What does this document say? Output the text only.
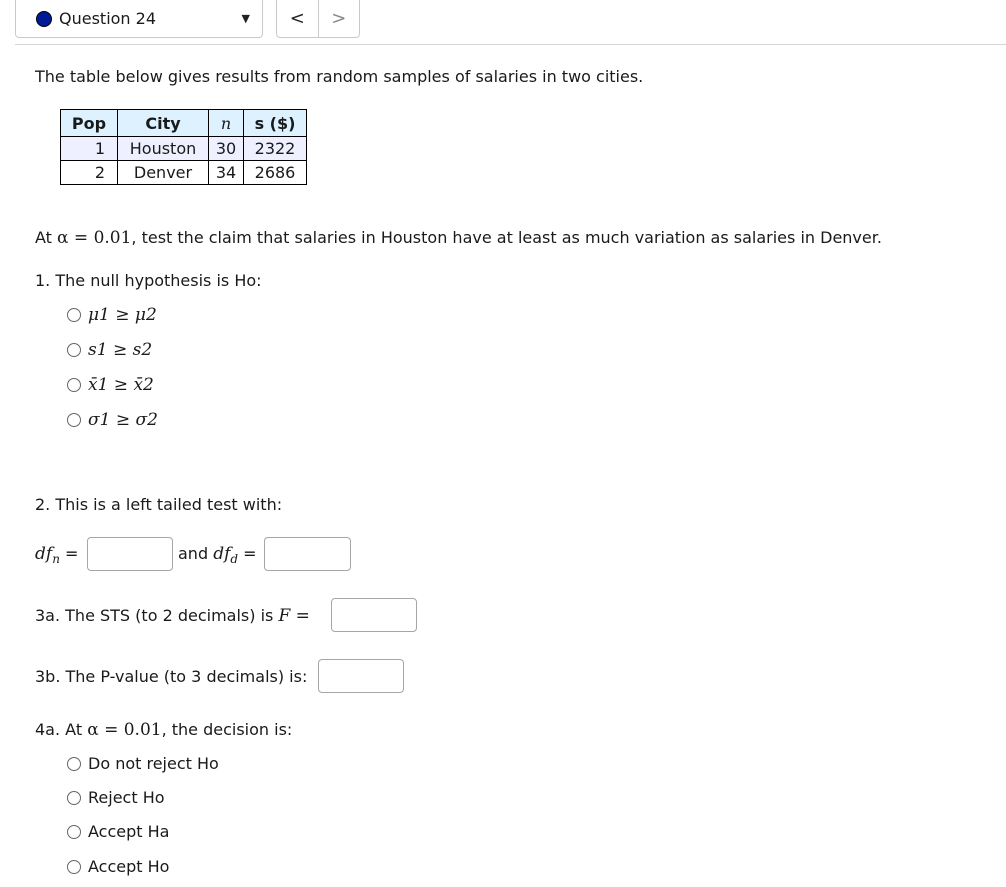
Question 24	▼	<	>
The table below gives results from random samples of salaries in two cities.
Pop	City	n	s ($)
1	Houston	30	2322
2	Denver	34	2686
At α = 0.01, test the claim that salaries in Houston have at least as much variation as salaries in Denver.
1. The null hypothesis is Ho:
μ1 ≥ μ2
s1 ≥ s2
x̄1 ≥ x̄2
σ1 ≥ σ2
2. This is a left tailed test with:
$df_n$ =	and $df_d$ =
3a. The STS (to 2 decimals) is F =
3b. The P-value (to 3 decimals) is:
4a. At α = 0.01, the decision is:
Do not reject Ho
Reject Ho
Accept Ha
Accept Ho
